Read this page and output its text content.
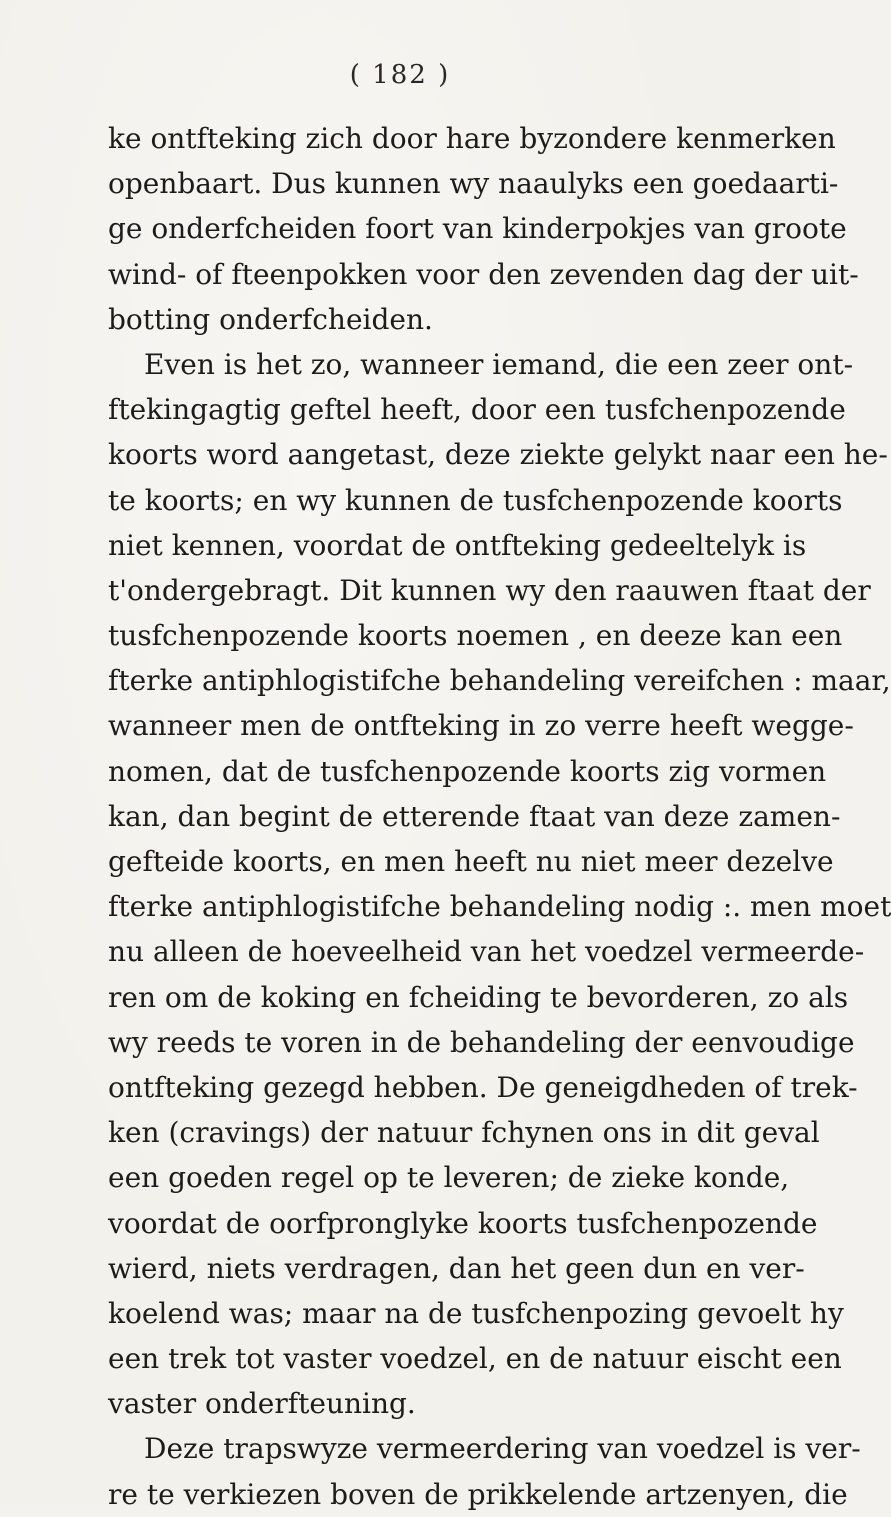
( 182 )
ke ontfteking zich door hare byzondere kenmerken
openbaart. Dus kunnen wy naaulyks een goedaarti-
ge onderfcheiden foort van kinderpokjes van groote
wind- of fteenpokken voor den zevenden dag der uit-
botting onderfcheiden.
Even is het zo, wanneer iemand, die een zeer ont-
ftekingagtig geftel heeft, door een tusfchenpozende
koorts word aangetast, deze ziekte gelykt naar een he-
te koorts; en wy kunnen de tusfchenpozende koorts
niet kennen, voordat de ontfteking gedeeltelyk is
t'ondergebragt. Dit kunnen wy den raauwen ftaat der
tusfchenpozende koorts noemen , en deeze kan een
fterke antiphlogistifche behandeling vereifchen : maar,
wanneer men de ontfteking in zo verre heeft wegge-
nomen, dat de tusfchenpozende koorts zig vormen
kan, dan begint de etterende ftaat van deze zamen-
gefteide koorts, en men heeft nu niet meer dezelve
fterke antiphlogistifche behandeling nodig :. men moet
nu alleen de hoeveelheid van het voedzel vermeerde-
ren om de koking en fcheiding te bevorderen, zo als
wy reeds te voren in de behandeling der eenvoudige
ontfteking gezegd hebben. De geneigdheden of trek-
ken (cravings) der natuur fchynen ons in dit geval
een goeden regel op te leveren; de zieke konde,
voordat de oorfpronglyke koorts tusfchenpozende
wierd, niets verdragen, dan het geen dun en ver-
koelend was; maar na de tusfchenpozing gevoelt hy
een trek tot vaster voedzel, en de natuur eischt een
vaster onderfteuning.
Deze trapswyze vermeerdering van voedzel is ver-
re te verkiezen boven de prikkelende artzenyen, die
